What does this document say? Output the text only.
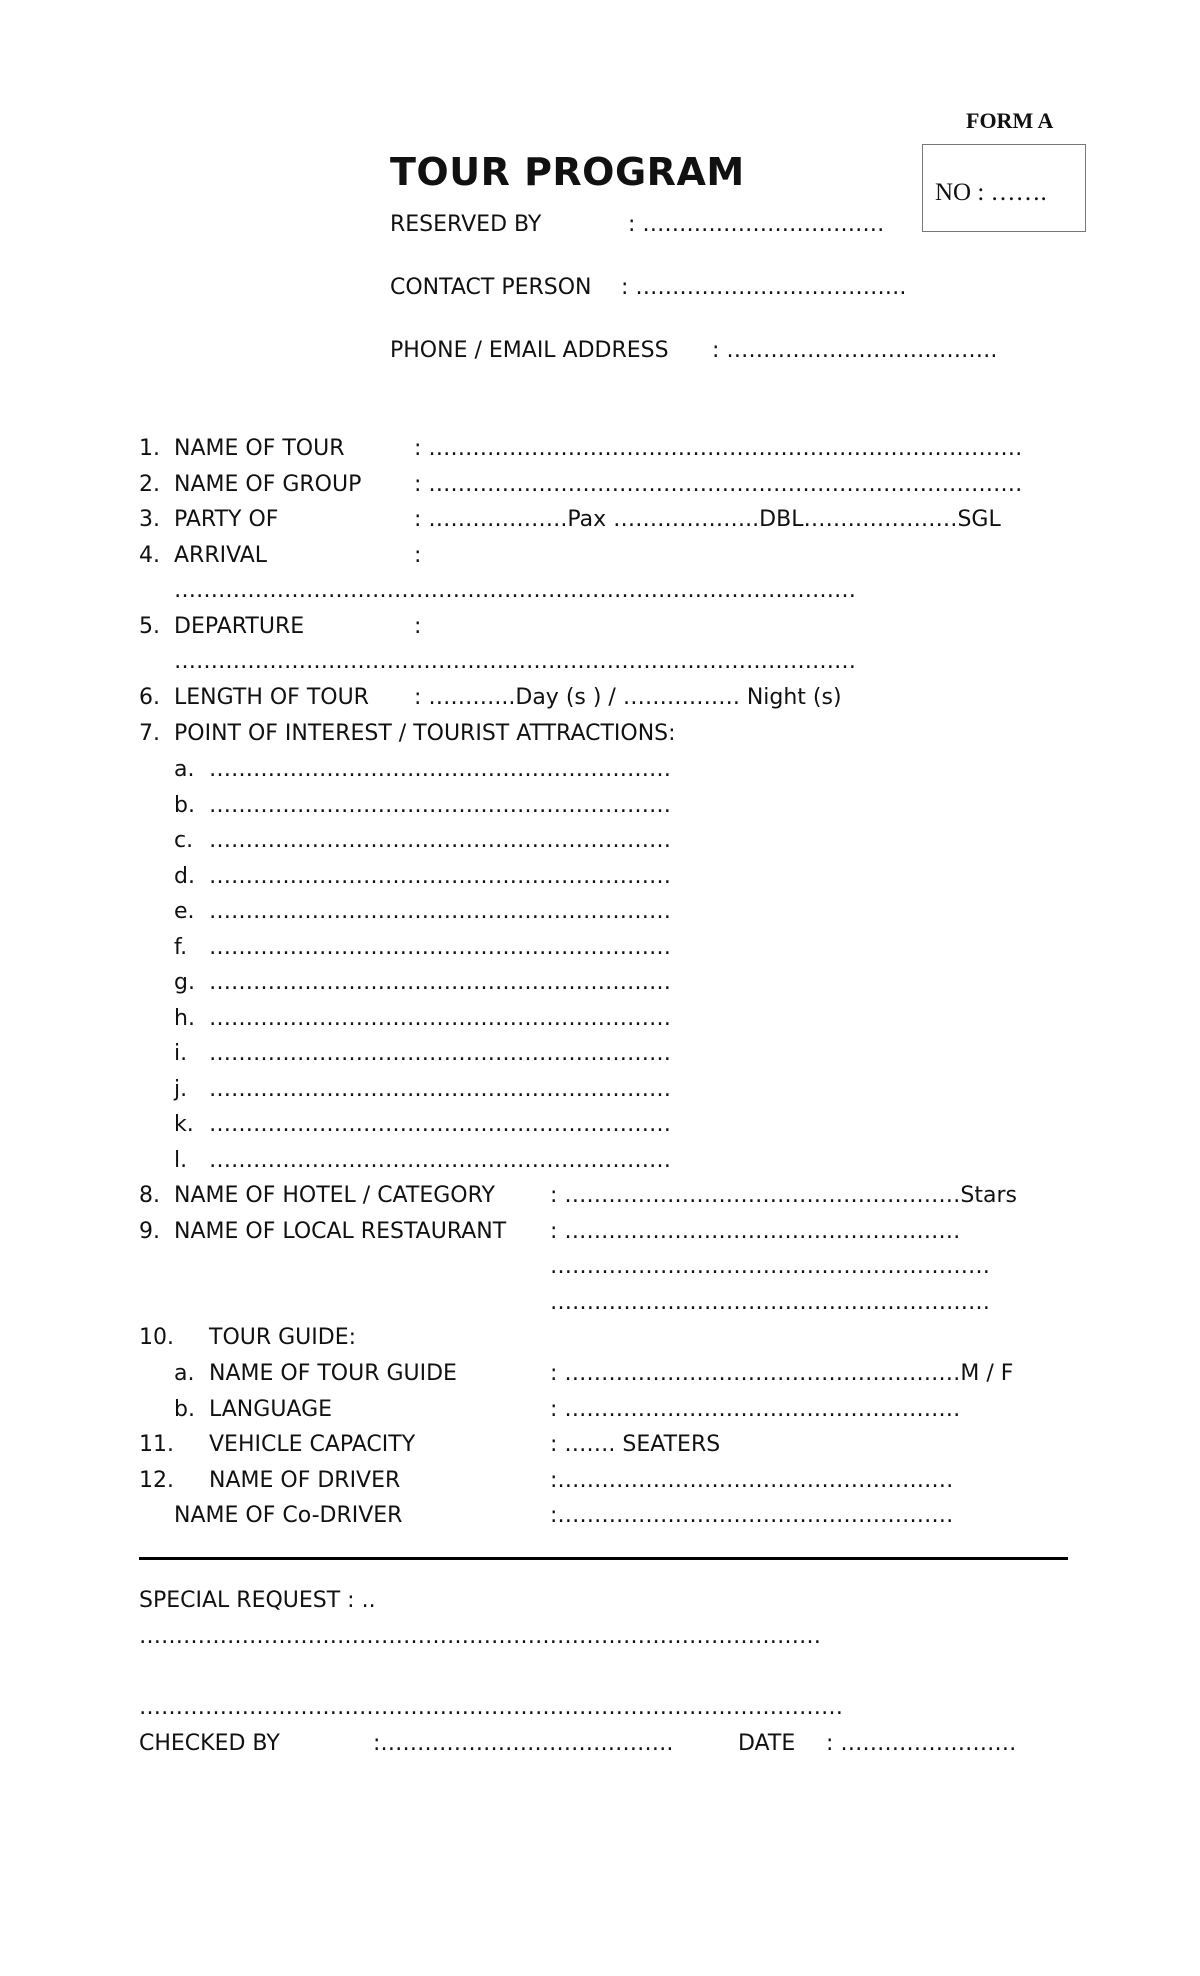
FORM A
TOUR PROGRAM	NO : …….
RESERVED BY	: ……………………………
CONTACT PERSON : ……………………………….
PHONE / EMAIL ADDRESS : ……………………………….
1. NAME OF TOUR	: ………………………………………………………………………
2. NAME OF GROUP : ………………………………………………………………………
3. PARTY OF	: ……………….Pax ………………..DBL…………………SGL
4. ARRIVAL	:
…………………………………………………………………………………
5. DEPARTURE	:
…………………………………………………………………………………
6. LENGTH OF TOUR : ………...Day (s ) / ……………. Night (s)
7. POINT OF INTEREST / TOURIST ATTRACTIONS:
a. ………………………………………………………
b. ………………………………………………………
c. ………………………………………………………
d. ………………………………………………………
e. ………………………………………………………
f. ………………………………………………………
g. ………………………………………………………
h. ………………………………………………………
i. ………………………………………………………
j. ………………………………………………………
k. ………………………………………………………
l. ………………………………………………………
8. NAME OF HOTEL / CATEGORY	: ………………………………………………Stars
9. NAME OF LOCAL RESTAURANT : ………………………………………………
……………………………………………………
……………………………………………………
10. TOUR GUIDE:
a. NAME OF TOUR GUIDE	: ………………………………………………M / F
b. LANGUAGE	: ………………………………………………
11. VEHICLE CAPACITY	: ……. SEATERS
12. NAME OF DRIVER	:………………………………………………
NAME OF Co-DRIVER	:………………………………………………
SPECIAL REQUEST : ..
…………………………………………………………………………………
……………………………………………………………………………………
CHECKED BY	:………………………………….	DATE : ……………………
